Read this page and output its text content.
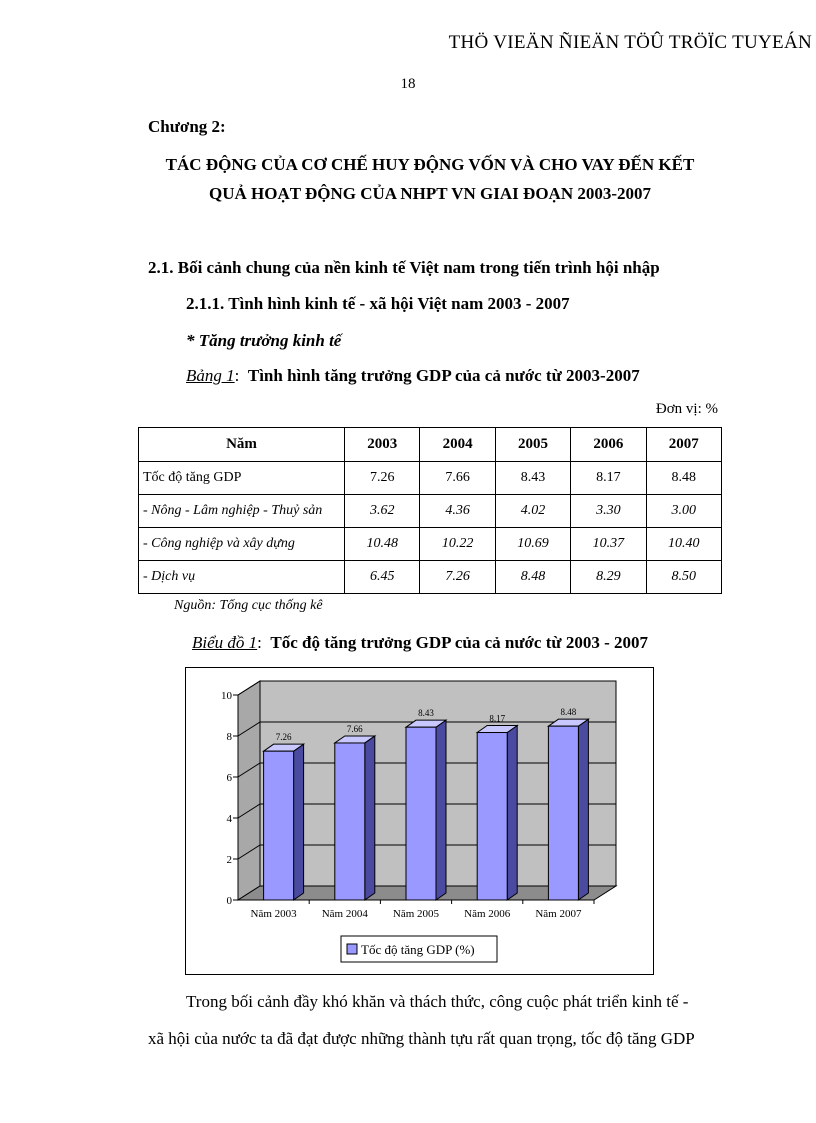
THÖ VIEÄN ÑIEÄN TÖÛ TRÖÏC TUYEÁN
18
Chương 2:
TÁC ĐỘNG CỦA CƠ CHẾ HUY ĐỘNG VỐN VÀ CHO VAY ĐẾN KẾT
QUẢ HOẠT ĐỘNG CỦA NHPT VN GIAI ĐOẠN 2003-2007
2.1. Bối cảnh chung của nền kinh tế Việt nam trong tiến trình hội nhập
2.1.1. Tình hình kinh tế - xã hội Việt nam 2003 - 2007
* Tăng trưởng kinh tế
Bảng 1:  Tình hình tăng trưởng GDP của cả nước từ 2003-2007
Đơn vị: %
Năm	2003	2004	2005	2006	2007
Tốc độ tăng GDP	7.26	7.66	8.43	8.17	8.48
- Nông - Lâm nghiệp - Thuỷ sản	3.62	4.36	4.02	3.30	3.00
- Công nghiệp và xây dựng	10.48	10.22	10.69	10.37	10.40
- Dịch vụ	6.45	7.26	8.48	8.29	8.50
Nguồn: Tổng cục thống kê
Biểu đồ 1:  Tốc độ tăng trưởng GDP của cả nước từ 2003 - 2007
0
2
4
6
8
10
7.26
Năm 2003
7.66
Năm 2004
8.43
Năm 2005
8.17
Năm 2006
8.48
Năm 2007
Tốc độ tăng GDP (%)
Trong bối cảnh đầy khó khăn và thách thức, công cuộc phát triển kinh tế -
xã hội của nước ta đã đạt được những thành tựu rất quan trọng, tốc độ tăng GDP
